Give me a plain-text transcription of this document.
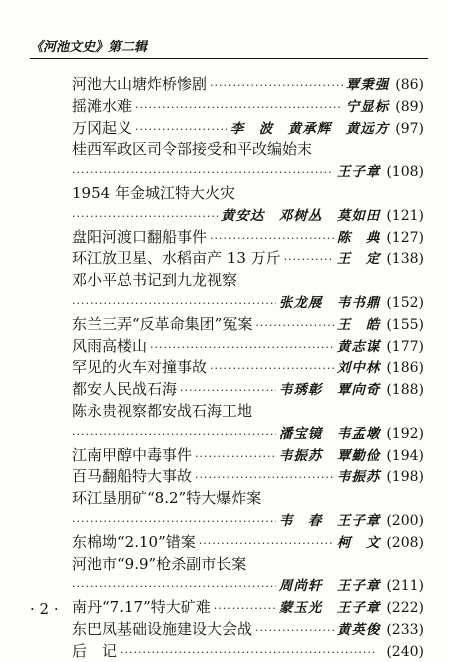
《河池文史》第二辑
河池大山塘炸桥惨剧 ·····	覃秉强 (86)
摇滩水难 ·····	宁显标 (89)
万冈起义 ·····	李　波　黄承辉　黄远方 (97)
桂西军政区司令部接受和平改编始末
·····
王子章 (108)
1954 年金城江特大火灾
·····
黄安达　邓树丛　莫如田 (121)
盘阳河渡口翻船事件 ·····	陈　典 (127)
环江放卫星、水稻亩产 13 万斤 ·····	王　定 (138)
邓小平总书记到九龙视察
·····
张龙展　韦书鼎 (152)
东兰三弄“反革命集团”冤案 ·····	王　皓 (155)
风雨高楼山 ·····	黄志谋 (177)
罕见的火车对撞事故 ·····	刘中林 (186)
都安人民战石海 ·····	韦琇彰　覃向奇 (188)
陈永贵视察都安战石海工地
·····
潘宝镜　韦孟墩 (192)
江南甲醇中毒事件 ·····	韦振苏　覃勤俭 (194)
百马翻船特大事故 ·····	韦振苏 (198)
环江垦朋矿“8.2”特大爆炸案
·····
韦　春　王子章 (200)
东棉坳“2.10”错案 ·····	柯　文 (208)
河池市“9.9”枪杀副市长案
·····
周尚轩　王子章 (211)
南丹“7.17”特大矿难 ·····	蒙玉光　王子章 (222)
东巴凤基础设施建设大会战 ·····	黄英俊 (233)
后　记 ·····	(240)
· 2 ·
